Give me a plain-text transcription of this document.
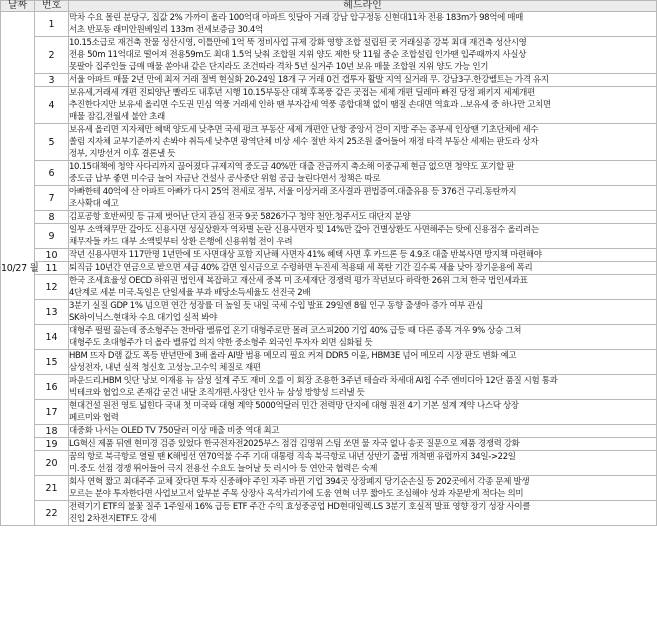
날짜	번호	헤드라인
10/27 월	1	막차 수요 몰린 분당구, 집값 2% 가까이 올라 100억대 아파트 잇달아 거래 강남 압구정동 신현대11차 전용 183m가 98억에 매매
서초 반포동 래미안원베일리 133m 전세보증금 30.4억

	2	10.15소급로 재건축 찬물 성산시영, 이틀만에 1억 뚝 정비사업 규제 강화 영향 조합 설립된 곳 거래실종 강북 최대 재건축 성산시영
전용 50m 11억대로 떨어져 전용59m도 최대 1.5억 낮춰 조합원 지위 양도 제한 탓 11월 중순 조합설립 인가땐 입주때까지 사실상
못팔아 집주인들 급매 매물 쏟아내 같은 단지라도 조건따라 격차 5년 실거주 10년 보유 매물 조합원 지위 양도 가능 인기

	3	서울 아파트 매물 2년 만에 최저 거래 절벽 현실화 20-24일 18개 구 거래 0건 갭투자 활발 지역 실거래 무. 강남3구.한강벨트는 가격 유지

	4	보유세,거래세 개편 진퇴양난 빨라도 내후년 시행 10.15부동산 대책 후폭풍 같은 곳접는 세제 개편 딜레마 빠진 당정 패키지 세제개편
추진한다지만 보유세 올리면 수도권 민심 역풍 거래세 인하 땐 부자감세 역풍 종합대책 없이 땜질 손대면 역효과 ..보유세 중 하나만 고치면
매물 잠김,전월세 불안 초래

	5	보유세 올리면 지자체만 혜택 양도세 낮추면 국세 펑크 부동산 세제 개편안 난항 중앙서 걷이 지방 주는 종부세 인상땐 기초단체에 세수
쏠림 지자체 교부기준까지 손봐야 취득세 낮추면 광역단체 비상 세수 절반 차지 25조원 줄어들어 재정 타격 부동산 세제는 판도라 상자
정부, 지방선거 이후 결론낼 듯

	6	10.15대책에 청약 사다리까지 끊어졌다 규제지역 중도금 40%만 대출 잔금까지 축소해 이중규제 현금 없으면 청약도 포기할 판
중도금 납부 좋면 미수금 늘어 자금난 건설사 공사중단 위험 공급 늘린다면서 정책은 따로

	7	아빠한테 40억에 산 아파트 아빠가 다시 25억 전세로 정부, 서울 이상거래 조사결과 편법증여.대출유용 등 376건 구리.동탄까지
조사확대 예고

	8	김포공항 호반써밋 등 규제 벗어난 단지 관심 전국 9곳 5826가구 청약 천안.청주서도 대단지 분양

	9	일부 소액채무만 갚아도 신용사면 성실상환자 역차별 논란 신용사면자 빚 14%만 갚아 건별상환도 사면해주는 탓에 신용점수 올리려는
채무자들 카드 대부 소액빚부터 상환 은행에 신용위험 전이 우려

	10	작년 신용사면자 117만명 1년만에 또 사면대상 포함 지난해 사면자 41% 혜택 사면 후 카드론 등 4.9조 대출 반복사면 방지책 마련해야

	11	퇴직금 10년간 연금으로 받으면 세금 40% 감면 일시금으로 수령하면 누진세 적용돼 세 폭탄 기간 길수록 세율 낮아 장기운용에 폭리

	12	한국 조세효율성 OECD 하위권 법인세 복잡하고 재산세 중복 미 조세재단 경쟁력 평가 작년보다 하락한 26위 그쳐 한국 법인세과표
4단계로 세분 미국.독일은 단일세율 부과 배당소득세율도 선진국 2배

	13	3분기 실질 GDP 1% 넘으면 연간 성장률 더 높일 듯 내일 국세 수입 발표 29일엔 8월 인구 동향 출생아 증가 여부 관심
SK하이닉스.현대차 수요 대기업 실적 봐야

	14	대형주 펄펄 끓는데 중소형주는 찬바람 밸류업 온기 대형주로만 몰려 코스피200 기업 40% 급등 때 다른 종목 겨우 9% 상승 그쳐
대형주도 초대형주가 더 올라 밸류업 의지 약한 중소형주 외국인 투자자 외면 심화될 듯

	15	HBM 뜨자 D램 값도 폭등 반년만에 3배 올라 AI발 범용 메모리 필요 커져 DDR5 이윤, HBM3E 넘어 메모리 시장 판도 변화 예고
삼성전자, 내년 실적 청신호 고성능.고수익 체질로 재편

	16	파운드리.HBM 잇단 낭보 이재용 뉴 삼성 설계 주도 재비 오를 이 회장 조용한 3주년 테슬라 차세대 AI칩 수주 엔비디아 12단 품질 시험 통과
빅테크와 협업으로 존재감 굳건 내달 조직개편.사장단 인사 뉴 삼성 방향성 드러낼 듯

	17	현대건설 원전 영토 넓힌다 국내 첫 미국와 대형 계약 5000억달러 민간 전력망 단지에 대형 원전 4기 기본 설계 계약 나스닥 상장
페르미와 협력

	18	대중화 나서는 OLED TV 750달러 이상 매출 비중 역대 최고

	19	LG혁신 제품 뒤엔 현미경 검증 있었다 한국전자전2025부스 점검 김명위 스팀 쏘면 물 자국 없나 송곳 질문으로 제품 경쟁력 강화

	20	꿈의 항로 북극항로 열릴 땐 K해빙선 연70억불 수주 기대 대통령 직속 북극항로 내년 상반기 출범 개척땐 유럽까지 34일->22일
미.중도 선점 경쟁 뛰어들어 극지 전용선 수요도 늘어날 듯 러시아 등 연안국 협력은 숙제

	21	회사 연혁 짧고 최대주주 교체 잦다면 투자 신중해야 주인 자주 바뀐 기업 394곳 상장폐지 당기순손실 등 202곳에서 각종 문제 발생
모르는 분야 투자한다면 사업보고서 앞부분 주목 상장사 옥석가리기에 도움 연혁 너무 짧아도 조심해야 성과 자문받게 적다는 의미

	22	전력기기 ETF의 불꽃 질주 1주일새 16% 급등 ETF 주간 수익 효성중공업 HD현대일렉.LS 3분기 호실적 발표 영향 장기 성장 사이클
진입 2차전지ETF도 강세
